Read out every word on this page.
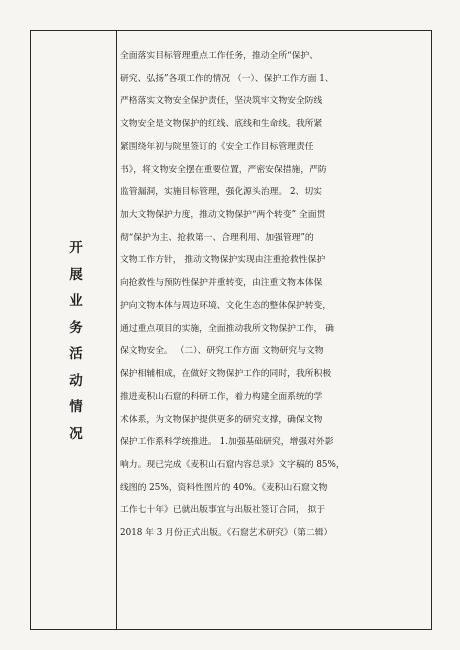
开展业务活动情况
全面落实目标管理重点工作任务，推动全所“保护、
研究、弘扬”各项工作的情况 （一）、保护工作方面 1、
严格落实文物安全保护责任，坚决筑牢文物安全防线
文物安全是文物保护的红线、底线和生命线。我所紧
紧围绕年初与院里签订的《安全工作目标管理责任
书》，将文物安全摆在重要位置，严密安保措施，严防
监管漏洞，实施目标管理，强化源头治理。 2、切实
加大文物保护力度，推动文物保护“两个转变” 全面贯
彻“保护为主、抢救第一、合理利用、加强管理”的
文物工作方针， 推动文物保护实现由注重抢救性保护
向抢救性与预防性保护并重转变，由注重文物本体保
护向文物本体与周边环境、文化生态的整体保护转变，
通过重点项目的实施，全面推动我所文物保护工作， 确
保文物安全。 （二）、研究工作方面 文物研究与文物
保护相辅相成，在做好文物保护工作的同时，我所积极
推进麦积山石窟的科研工作，着力构建全面系统的学
术体系，为文物保护提供更多的研究支撑，确保文物
保护工作系科学统推进。 1.加强基础研究，增强对外影
响力。现已完成《麦积山石窟内容总录》文字稿的 85%，
线图的 25%，资料性图片的 40%。《麦积山石窟文物
工作七十年》已就出版事宜与出版社签订合同， 拟于
2018 年 3 月份正式出版。《石窟艺术研究》（第二辑）
